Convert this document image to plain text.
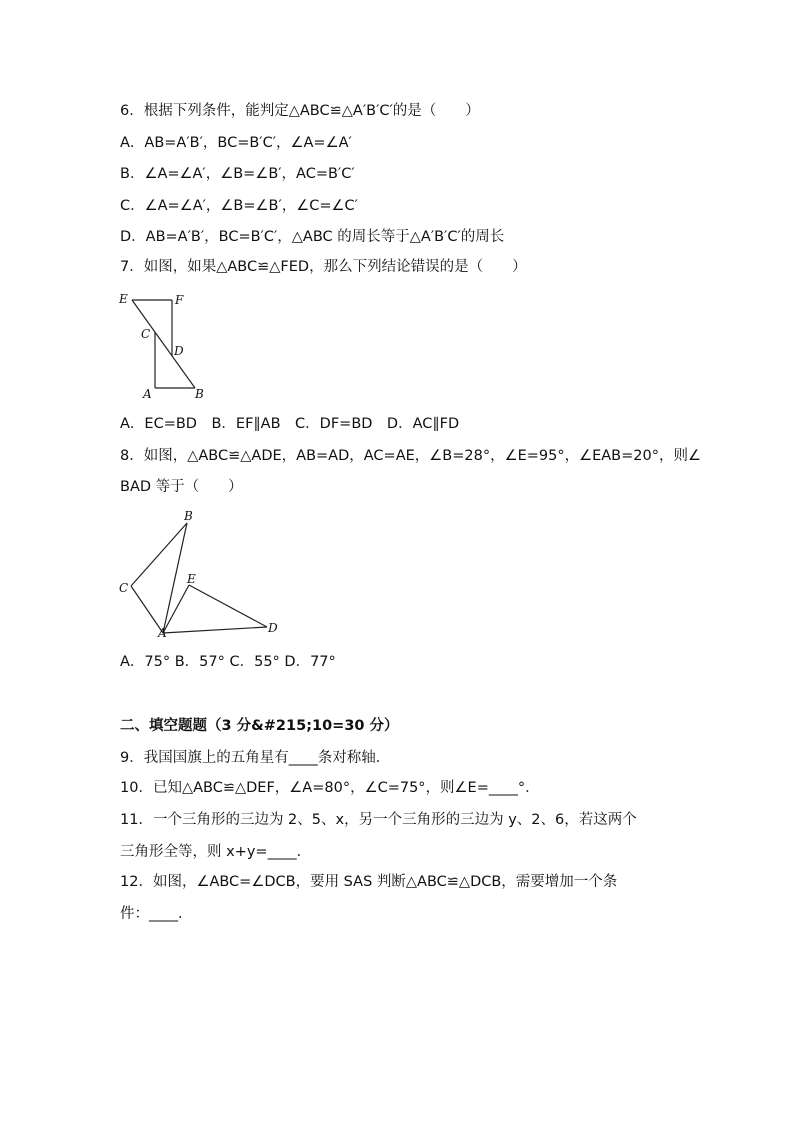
6．根据下列条件，能判定△ABC≌△A′B′C′的是（　　）
A．AB=A′B′，BC=B′C′，∠A=∠A′
B．∠A=∠A′，∠B=∠B′，AC=B′C′
C．∠A=∠A′，∠B=∠B′，∠C=∠C′
D．AB=A′B′，BC=B′C′，△ABC 的周长等于△A′B′C′的周长
7．如图，如果△ABC≌△FED，那么下列结论错误的是（　　）
E	F
C
D
A	B
A．EC=BD　B．EF∥AB　C．DF=BD　D．AC∥FD
8．如图，△ABC≌△ADE，AB=AD，AC=AE，∠B=28°，∠E=95°，∠EAB=20°，则∠
BAD 等于（　　）
B
C
E
A	D
A．75° B．57° C．55° D．77°
二、填空题题（3 分&#215;10=30 分）
9．我国国旗上的五角星有____条对称轴．
10．已知△ABC≌△DEF，∠A=80°，∠C=75°，则∠E=____°．
11．一个三角形的三边为 2、5、x，另一个三角形的三边为 y、2、6，若这两个
三角形全等，则 x+y=____．
12．如图，∠ABC=∠DCB，要用 SAS 判断△ABC≌△DCB，需要增加一个条
件：____．
